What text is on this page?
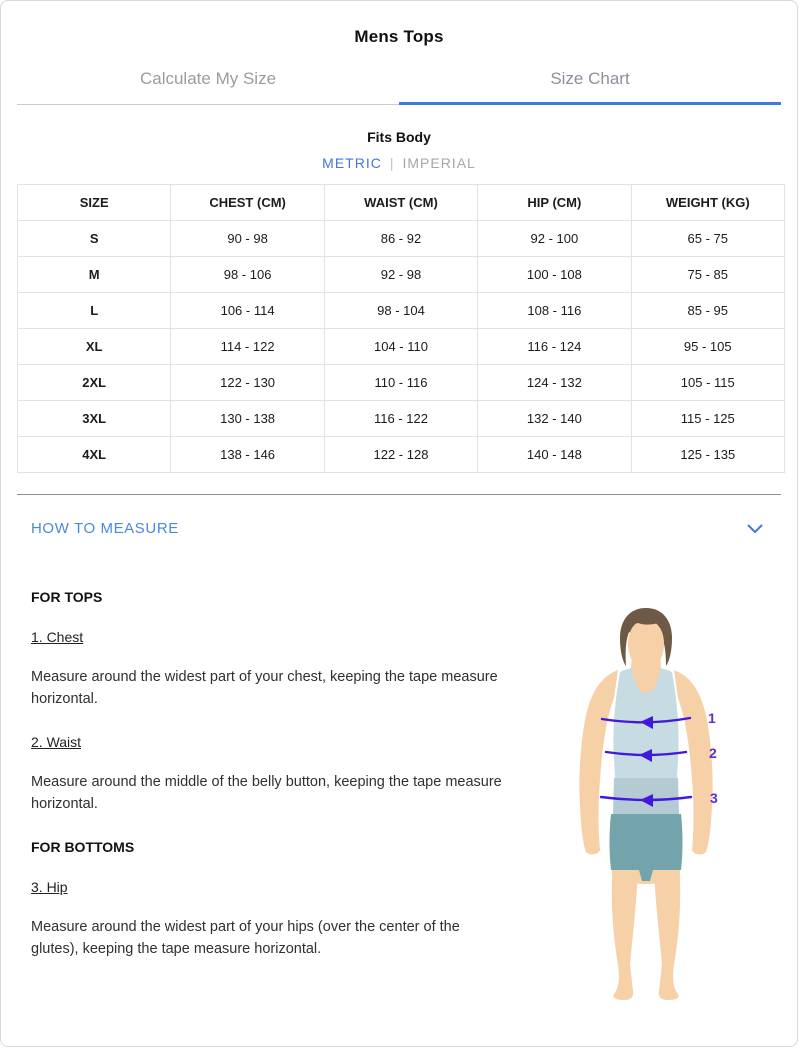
Mens Tops
Calculate My Size	Size Chart
Fits Body
METRIC | IMPERIAL
SIZE	CHEST (CM)	WAIST (CM)	HIP (CM)	WEIGHT (KG)
S	90 - 98	86 - 92	92 - 100	65 - 75
M	98 - 106	92 - 98	100 - 108	75 - 85
L	106 - 114	98 - 104	108 - 116	85 - 95
XL	114 - 122	104 - 110	116 - 124	95 - 105
2XL	122 - 130	110 - 116	124 - 132	105 - 115
3XL	130 - 138	116 - 122	132 - 140	115 - 125
4XL	138 - 146	122 - 128	140 - 148	125 - 135
HOW TO MEASURE
FOR TOPS
1. Chest

Measure around the widest part of your chest, keeping the tape measure horizontal.

2. Waist

Measure around the middle of the belly button, keeping the tape measure horizontal.

FOR BOTTOMS
3. Hip

Measure around the widest part of your hips (over the center of the glutes), keeping the tape measure horizontal.

1
2
3
